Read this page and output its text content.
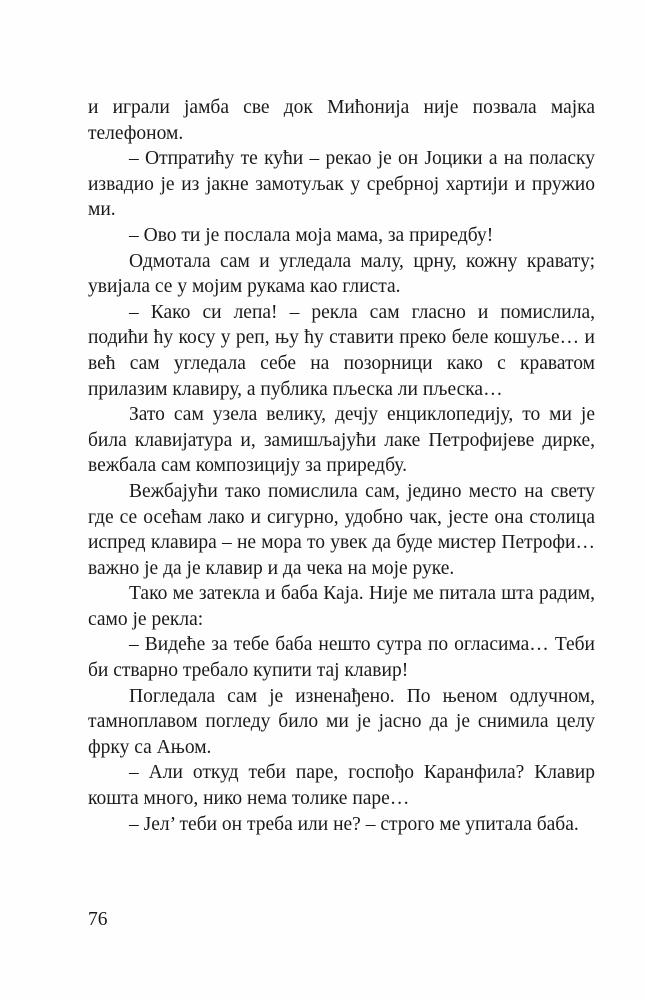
и играли јамба све док Мићонија није позвала мајка телефоном.

– Отпратићу те кући – рекао је он Јоцики а на поласку извадио је из јакне замотуљак у сребрној хартији и пружио ми.

– Ово ти је послала моја мама, за приредбу!

Одмотала сам и угледала малу, црну, кожну кравату; увијала се у мојим рукама као глиста.

– Како си лепа! – рекла сам гласно и помислила, подићи ћу косу у реп, њу ћу ставити преко беле кошуље… и већ сам угледала себе на позорници како с краватом прилазим клавиру, а публика пљеска ли пљеска…

Зато сам узела велику, дечју енциклопедију, то ми је била клавијатура и, замишљајући лаке Петрофијеве дирке, вежбала сам композицију за приредбу.

Вежбајући тако помислила сам, једино место на свету где се осећам лако и сигурно, удобно чак, јесте она столица испред клавира – не мора то увек да буде мистер Петрофи… важно је да је клавир и да чека на моје руке.

Тако ме затекла и баба Каја. Није ме питала шта радим, само је рекла:

– Видеће за тебе баба нешто сутра по огласима… Теби би стварно требало купити тај клавир!

Погледала сам је изненађено. По њеном одлучном, тамноплавом погледу било ми је јасно да је снимила целу фрку са Ањом.

– Али откуд теби паре, госпођо Каранфила? Клавир кошта много, нико нема толике паре…

– Јел’ теби он треба или не? – строго ме упитала баба.

76
